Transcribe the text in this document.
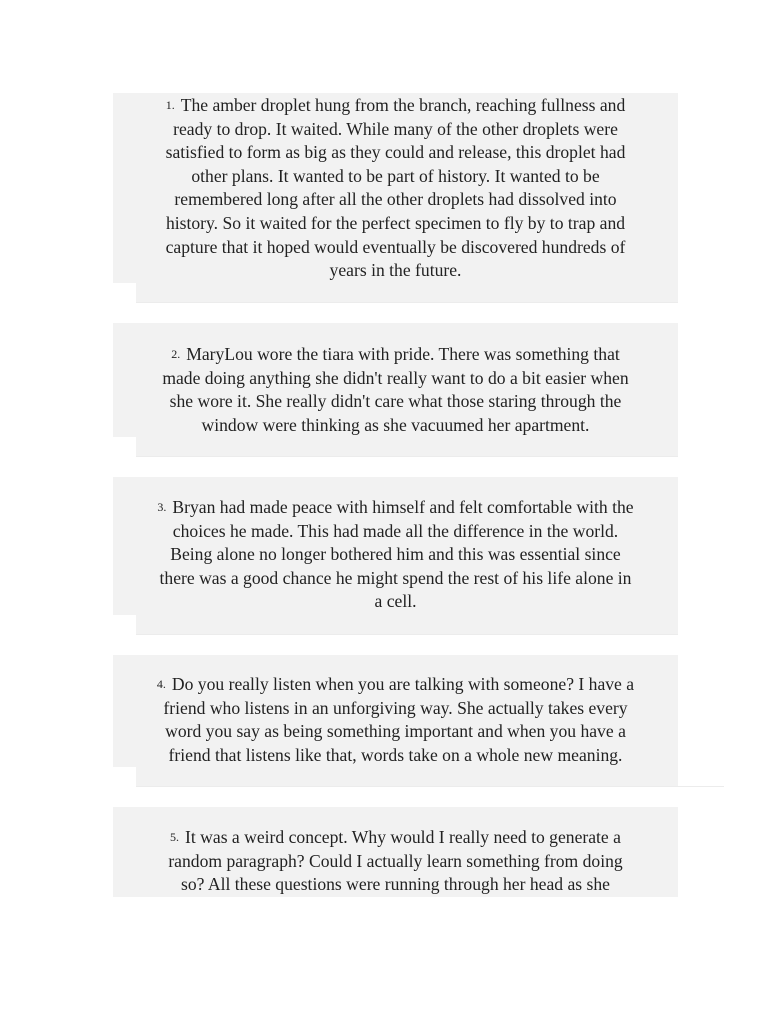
1. The amber droplet hung from the branch, reaching fullness and
ready to drop. It waited. While many of the other droplets were
satisfied to form as big as they could and release, this droplet had
other plans. It wanted to be part of history. It wanted to be
remembered long after all the other droplets had dissolved into
history. So it waited for the perfect specimen to fly by to trap and
capture that it hoped would eventually be discovered hundreds of
years in the future.
2. MaryLou wore the tiara with pride. There was something that
made doing anything she didn't really want to do a bit easier when
she wore it. She really didn't care what those staring through the
window were thinking as she vacuumed her apartment.
3. Bryan had made peace with himself and felt comfortable with the
choices he made. This had made all the difference in the world.
Being alone no longer bothered him and this was essential since
there was a good chance he might spend the rest of his life alone in
a cell.
4. Do you really listen when you are talking with someone? I have a
friend who listens in an unforgiving way. She actually takes every
word you say as being something important and when you have a
friend that listens like that, words take on a whole new meaning.
5. It was a weird concept. Why would I really need to generate a
random paragraph? Could I actually learn something from doing
so? All these questions were running through her head as she
